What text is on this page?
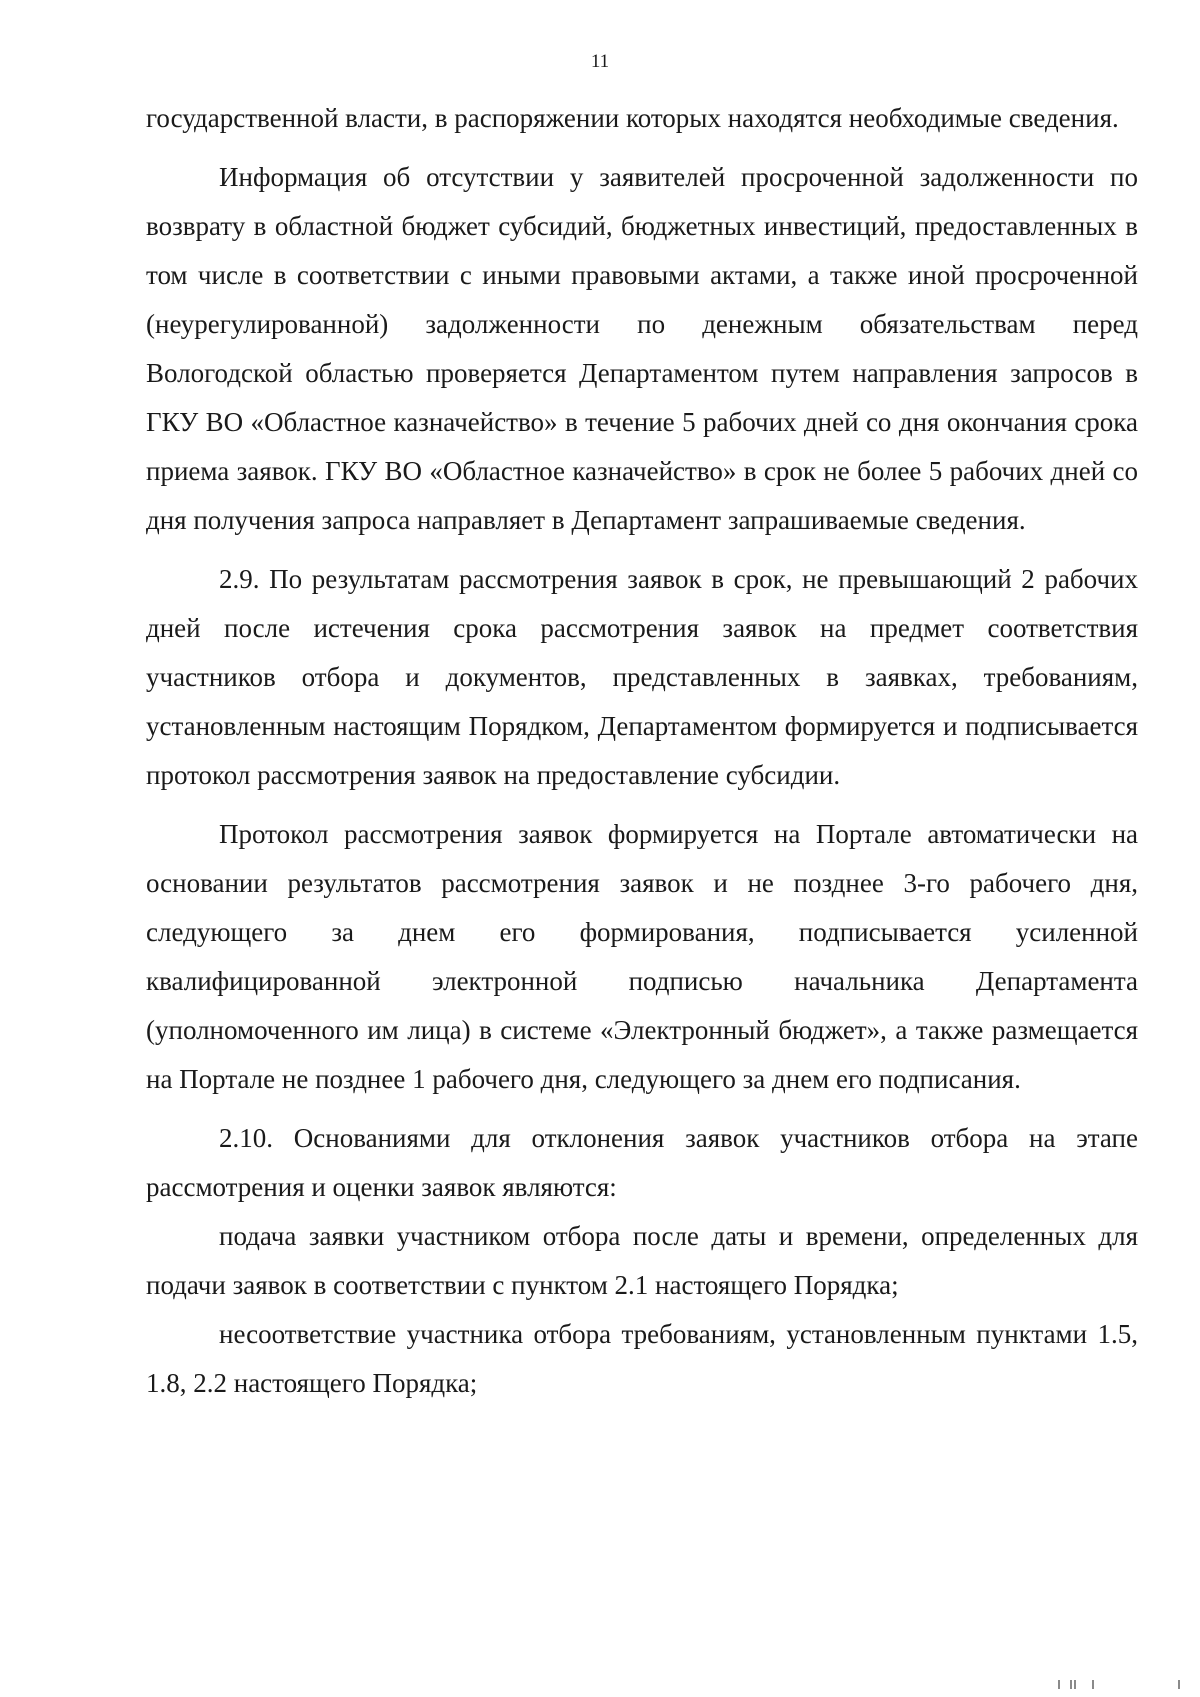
11

государственной власти, в распоряжении которых находятся необходимые сведения.

Информация об отсутствии у заявителей просроченной задолженности по возврату в областной бюджет субсидий, бюджетных инвестиций, предоставленных в том числе в соответствии с иными правовыми актами, а также иной просроченной (неурегулированной) задолженности по денежным обязательствам перед Вологодской областью проверяется Департаментом путем направления запросов в ГКУ ВО «Областное казначейство» в течение 5 рабочих дней со дня окончания срока приема заявок. ГКУ ВО «Областное казначейство» в срок не более 5 рабочих дней со дня получения запроса направляет в Департамент запрашиваемые сведения.

2.9. По результатам рассмотрения заявок в срок, не превышающий 2 рабочих дней после истечения срока рассмотрения заявок на предмет соответствия участников отбора и документов, представленных в заявках, требованиям, установленным настоящим Порядком, Департаментом формируется и подписывается протокол рассмотрения заявок на предоставление субсидии.

Протокол рассмотрения заявок формируется на Портале автоматически на основании результатов рассмотрения заявок и не позднее 3-го рабочего дня, следующего за днем его формирования, подписывается усиленной квалифицированной электронной подписью начальника Департамента (уполномоченного им лица) в системе «Электронный бюджет», а также размещается на Портале не позднее 1 рабочего дня, следующего за днем его подписания.

2.10. Основаниями для отклонения заявок участников отбора на этапе рассмотрения и оценки заявок являются:

подача заявки участником отбора после даты и времени, определенных для подачи заявок в соответствии с пунктом 2.1 настоящего Порядка;

несоответствие участника отбора требованиям, установленным пунктами 1.5, 1.8, 2.2 настоящего Порядка;
